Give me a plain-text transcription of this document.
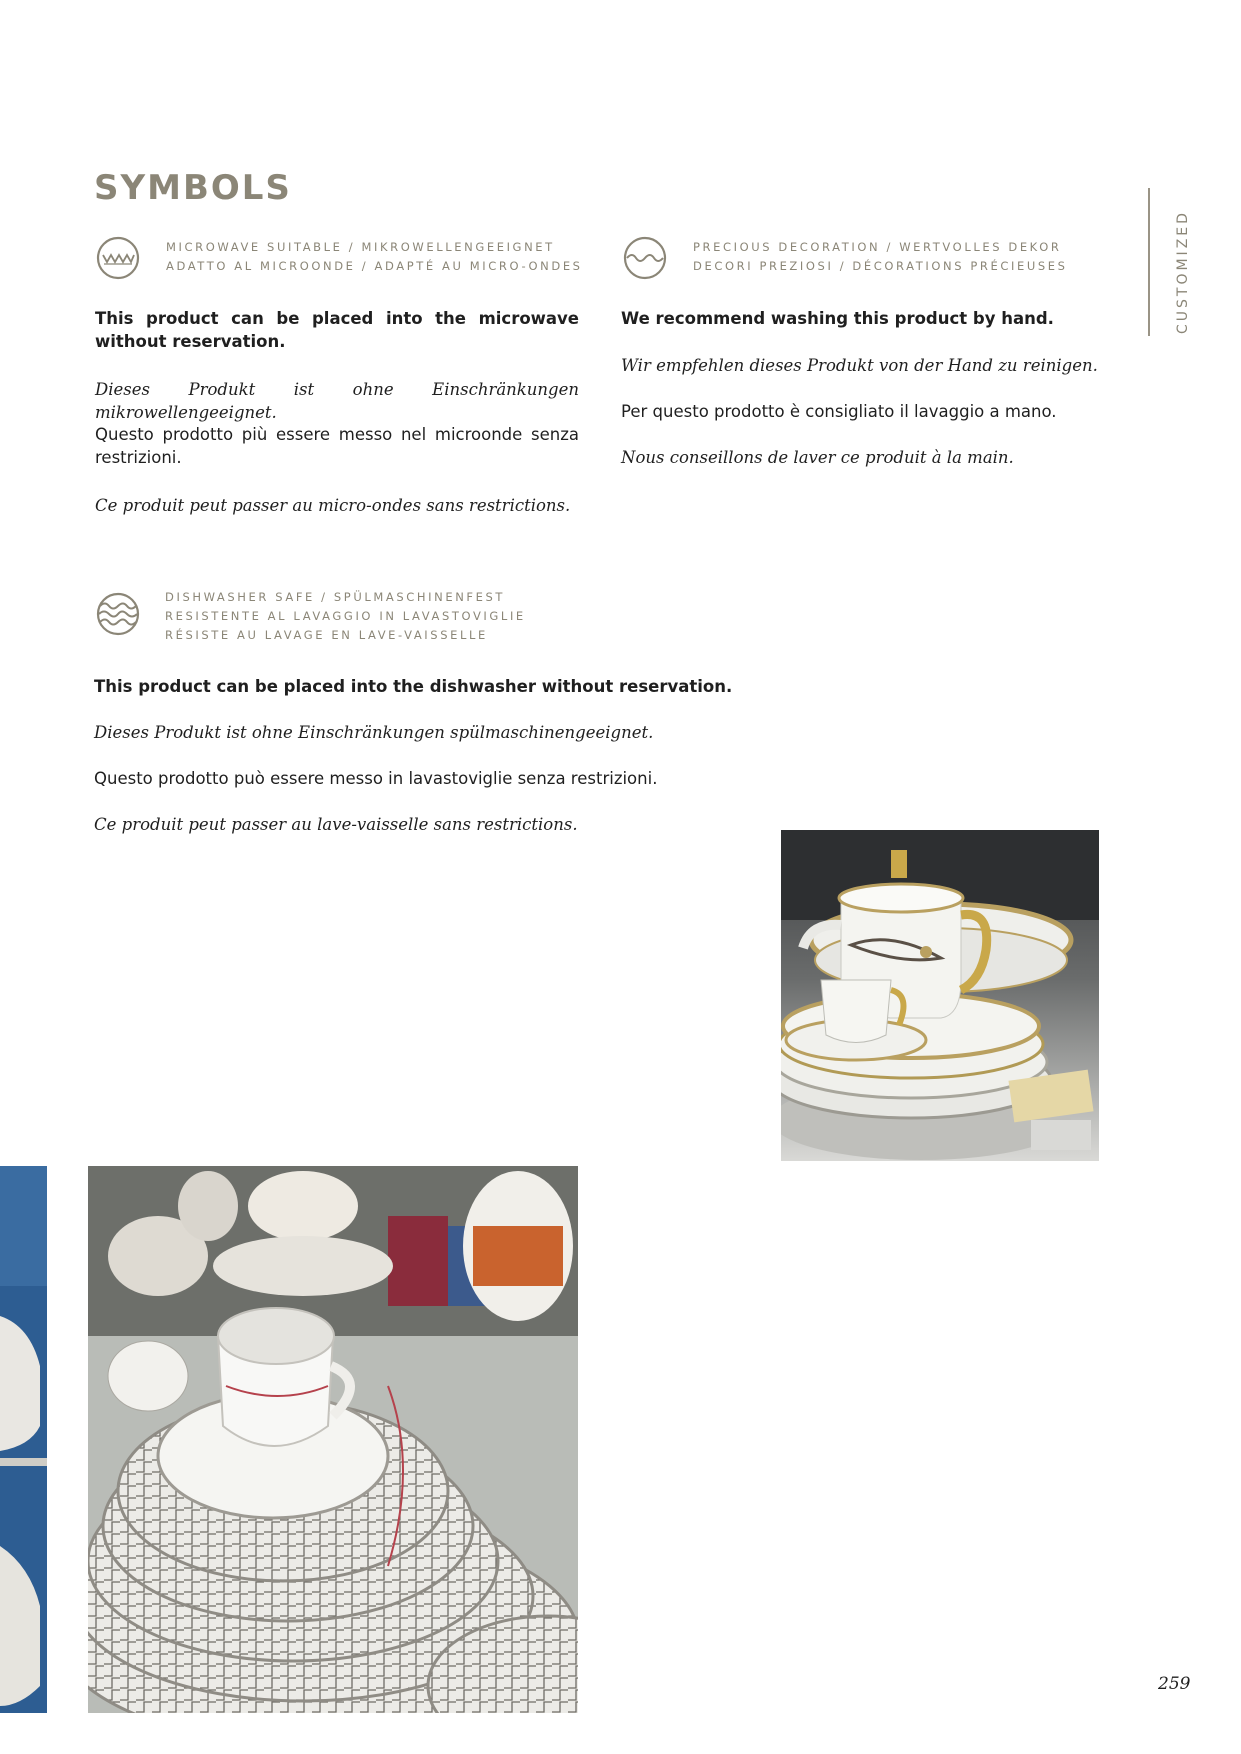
SYMBOLS
CUSTOMIZED
MICROWAVE SUITABLE / MIKROWELLENGEEIGNET
ADATTO AL MICROONDE / ADAPTÉ AU MICRO-ONDES

This product can be placed into the microwave without reservation.

Dieses Produkt ist ohne Einschränkungen mikrowellengeeignet.

Questo prodotto più essere messo nel microonde senza restrizioni.

Ce produit peut passer au micro-ondes sans restrictions.

PRECIOUS DECORATION / WERTVOLLES DEKOR
DECORI PREZIOSI / DÉCORATIONS PRÉCIEUSES

We recommend washing this product by hand.

Wir empfehlen dieses Produkt von der Hand zu reinigen.

Per questo prodotto è consigliato il lavaggio a mano.

Nous conseillons de laver ce produit à la main.

DISHWASHER SAFE / SPÜLMASCHINENFEST
RESISTENTE AL LAVAGGIO IN LAVASTOVIGLIE
RÉSISTE AU LAVAGE EN LAVE-VAISSELLE

This product can be placed into the dishwasher without reservation.

Dieses Produkt ist ohne Einschränkungen spülmaschinengeeignet.

Questo prodotto può essere messo in lavastoviglie senza restrizioni.

Ce produit peut passer au lave-vaisselle sans restrictions.

259
